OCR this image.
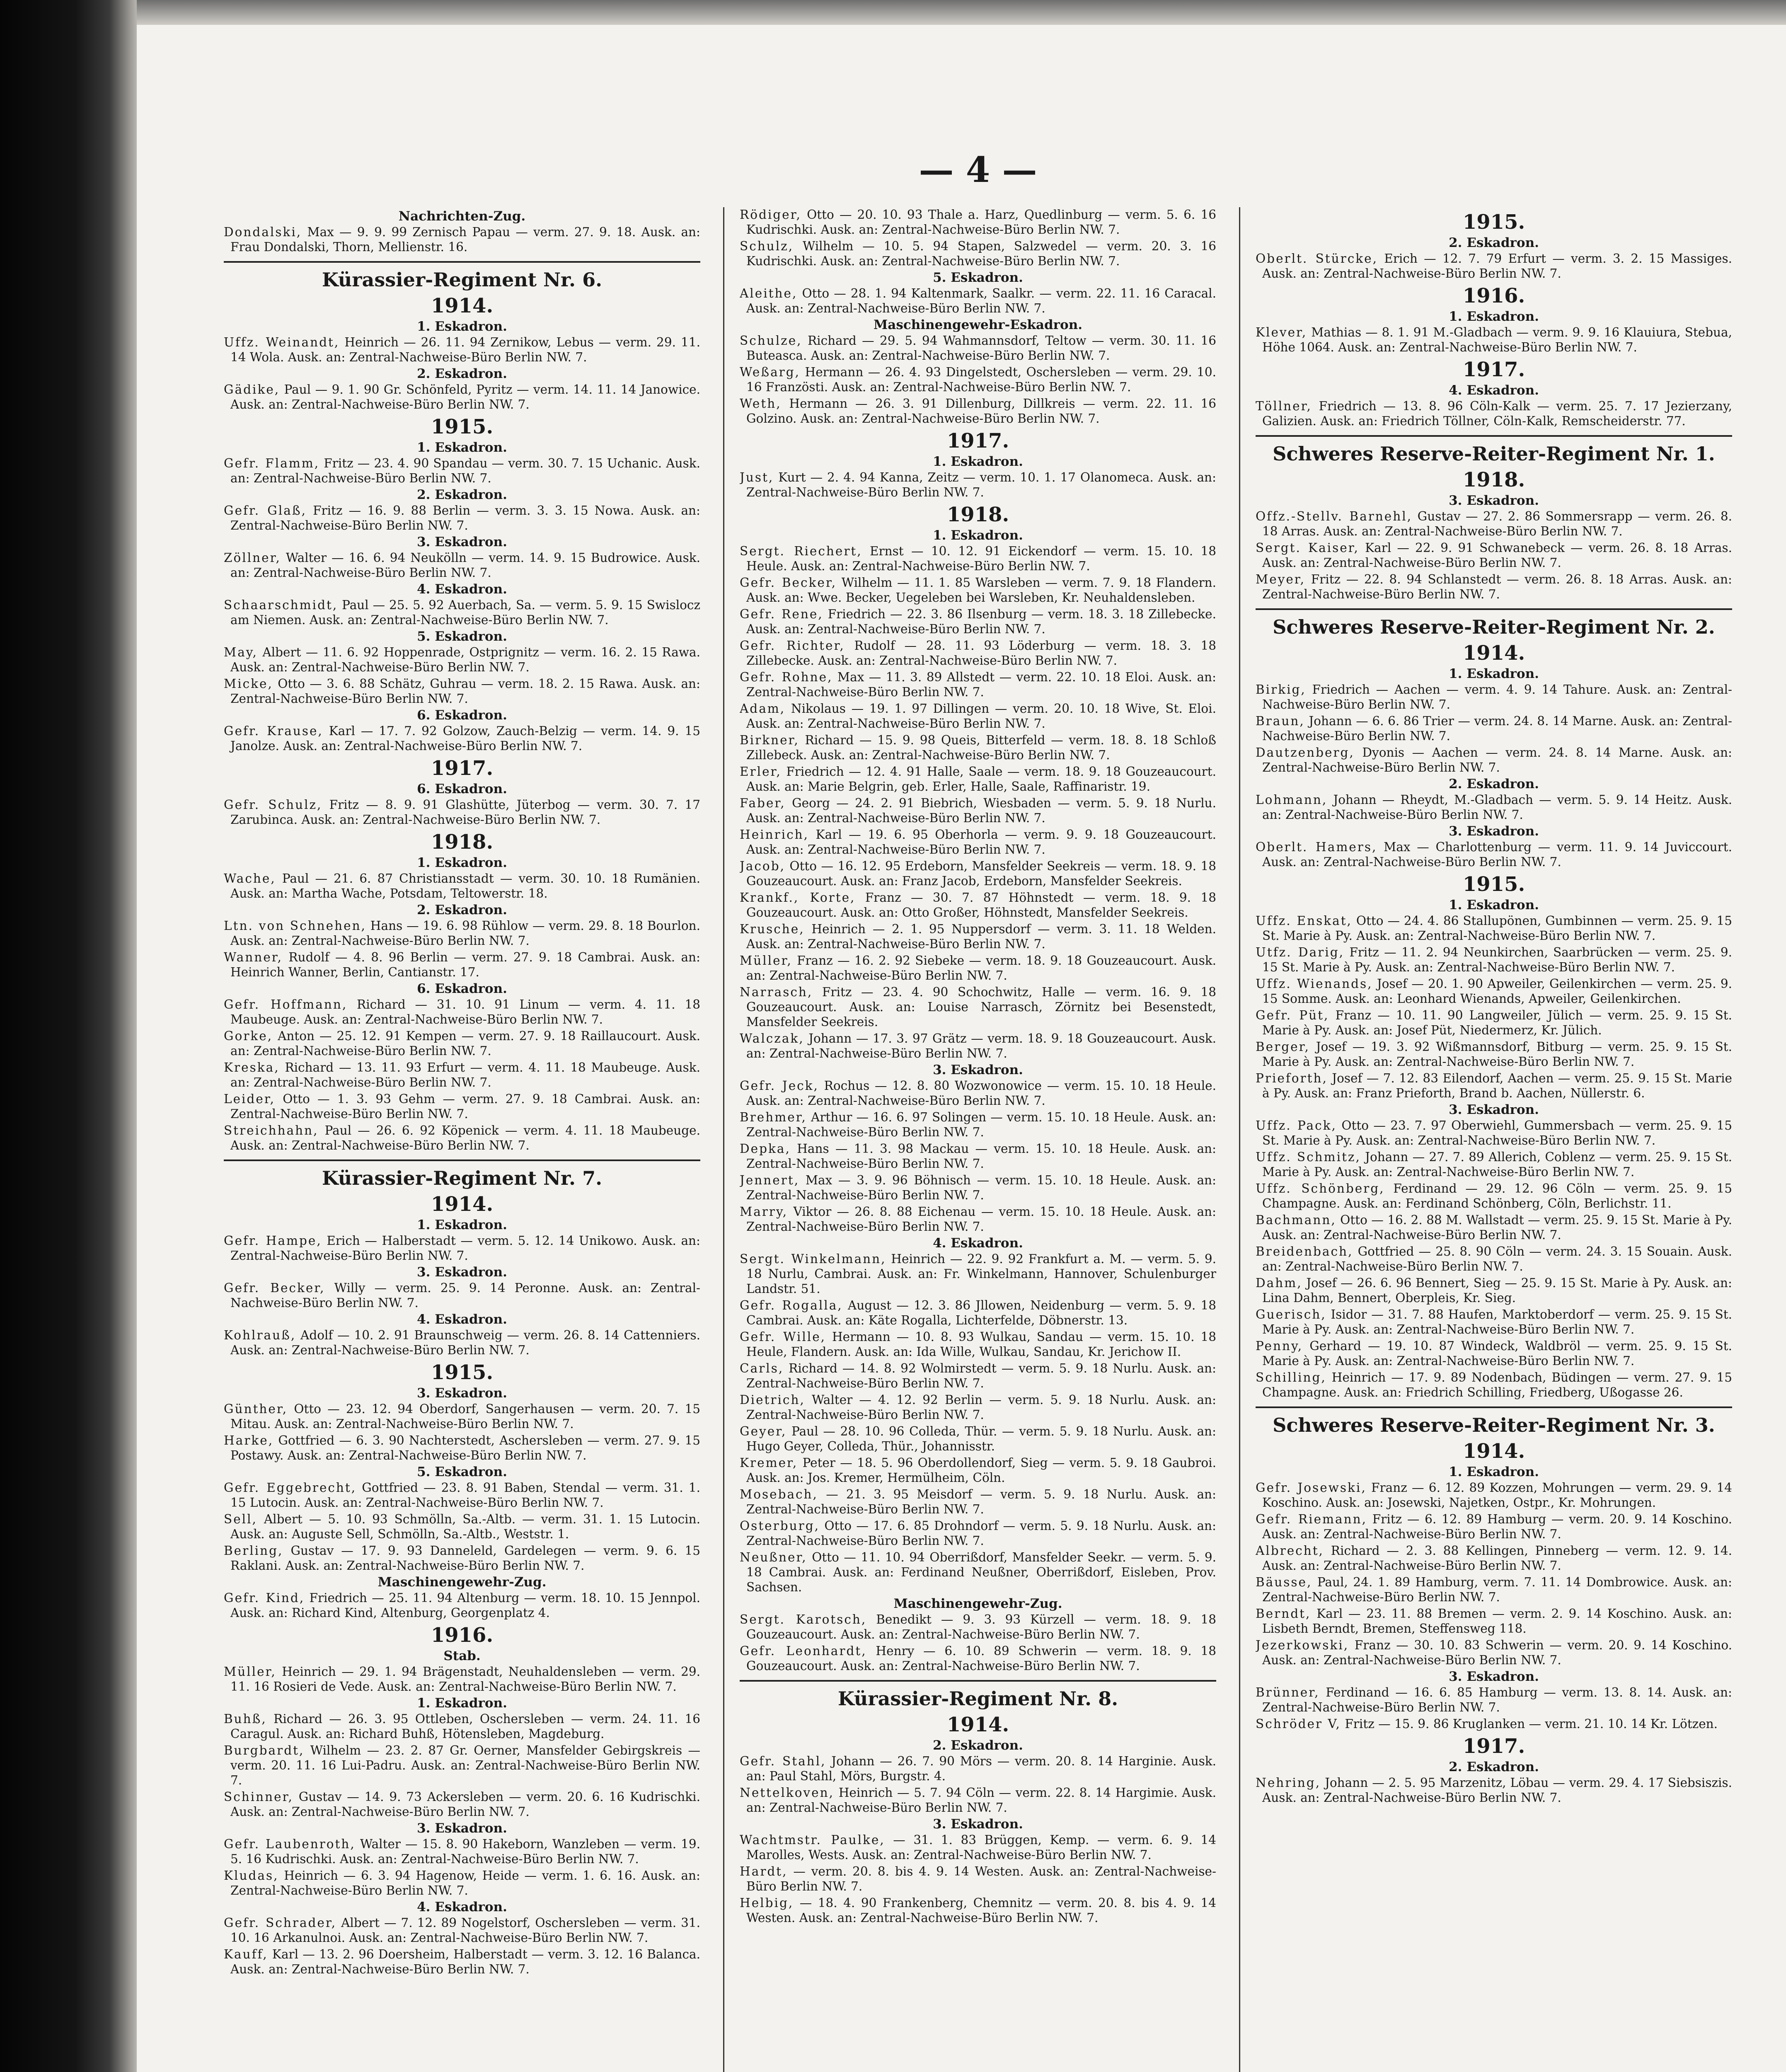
— 4 —
Nachrichten-Zug.
Dondalski, Max — 9. 9. 99 Zernisch Papau — verm. 27. 9. 18. Ausk. an: Frau Dondalski, Thorn, Mellienstr. 16.
Kürassier-Regiment Nr. 6.
1914.
1. Eskadron.
Uffz. Weinandt, Heinrich — 26. 11. 94 Zernikow, Lebus — verm. 29. 11. 14 Wola. Ausk. an: Zentral-Nachweise-Büro Berlin NW. 7.
2. Eskadron.
Gädike, Paul — 9. 1. 90 Gr. Schönfeld, Pyritz — verm. 14. 11. 14 Janowice. Ausk. an: Zentral-Nachweise-Büro Berlin NW. 7.
1915.
1. Eskadron.
Gefr. Flamm, Fritz — 23. 4. 90 Spandau — verm. 30. 7. 15 Uchanic. Ausk. an: Zentral-Nachweise-Büro Berlin NW. 7.
2. Eskadron.
Gefr. Glaß, Fritz — 16. 9. 88 Berlin — verm. 3. 3. 15 Nowa. Ausk. an: Zentral-Nachweise-Büro Berlin NW. 7.
3. Eskadron.
Zöllner, Walter — 16. 6. 94 Neukölln — verm. 14. 9. 15 Budrowice. Ausk. an: Zentral-Nachweise-Büro Berlin NW. 7.
4. Eskadron.
Schaarschmidt, Paul — 25. 5. 92 Auerbach, Sa. — verm. 5. 9. 15 Swislocz am Niemen. Ausk. an: Zentral-Nachweise-Büro Berlin NW. 7.
5. Eskadron.
May, Albert — 11. 6. 92 Hoppenrade, Ostprignitz — verm. 16. 2. 15 Rawa. Ausk. an: Zentral-Nachweise-Büro Berlin NW. 7.
Micke, Otto — 3. 6. 88 Schätz, Guhrau — verm. 18. 2. 15 Rawa. Ausk. an: Zentral-Nachweise-Büro Berlin NW. 7.
6. Eskadron.
Gefr. Krause, Karl — 17. 7. 92 Golzow, Zauch-Belzig — verm. 14. 9. 15 Janolze. Ausk. an: Zentral-Nachweise-Büro Berlin NW. 7.
1917.
6. Eskadron.
Gefr. Schulz, Fritz — 8. 9. 91 Glashütte, Jüterbog — verm. 30. 7. 17 Zarubinca. Ausk. an: Zentral-Nachweise-Büro Berlin NW. 7.
1918.
1. Eskadron.
Wache, Paul — 21. 6. 87 Christiansstadt — verm. 30. 10. 18 Rumänien. Ausk. an: Martha Wache, Potsdam, Teltowerstr. 18.
2. Eskadron.
Ltn. von Schnehen, Hans — 19. 6. 98 Rühlow — verm. 29. 8. 18 Bourlon. Ausk. an: Zentral-Nachweise-Büro Berlin NW. 7.
Wanner, Rudolf — 4. 8. 96 Berlin — verm. 27. 9. 18 Cambrai. Ausk. an: Heinrich Wanner, Berlin, Cantianstr. 17.
6. Eskadron.
Gefr. Hoffmann, Richard — 31. 10. 91 Linum — verm. 4. 11. 18 Maubeuge. Ausk. an: Zentral-Nachweise-Büro Berlin NW. 7.
Gorke, Anton — 25. 12. 91 Kempen — verm. 27. 9. 18 Raillaucourt. Ausk. an: Zentral-Nachweise-Büro Berlin NW. 7.
Kreska, Richard — 13. 11. 93 Erfurt — verm. 4. 11. 18 Maubeuge. Ausk. an: Zentral-Nachweise-Büro Berlin NW. 7.
Leider, Otto — 1. 3. 93 Gehm — verm. 27. 9. 18 Cambrai. Ausk. an: Zentral-Nachweise-Büro Berlin NW. 7.
Streichhahn, Paul — 26. 6. 92 Köpenick — verm. 4. 11. 18 Maubeuge. Ausk. an: Zentral-Nachweise-Büro Berlin NW. 7.
Kürassier-Regiment Nr. 7.
1914.
1. Eskadron.
Gefr. Hampe, Erich — Halberstadt — verm. 5. 12. 14 Unikowo. Ausk. an: Zentral-Nachweise-Büro Berlin NW. 7.
3. Eskadron.
Gefr. Becker, Willy — verm. 25. 9. 14 Peronne. Ausk. an: Zentral-Nachweise-Büro Berlin NW. 7.
4. Eskadron.
Kohlrauß, Adolf — 10. 2. 91 Braunschweig — verm. 26. 8. 14 Cattenniers. Ausk. an: Zentral-Nachweise-Büro Berlin NW. 7.
1915.
3. Eskadron.
Günther, Otto — 23. 12. 94 Oberdorf, Sangerhausen — verm. 20. 7. 15 Mitau. Ausk. an: Zentral-Nachweise-Büro Berlin NW. 7.
Harke, Gottfried — 6. 3. 90 Nachterstedt, Aschersleben — verm. 27. 9. 15 Postawy. Ausk. an: Zentral-Nachweise-Büro Berlin NW. 7.
5. Eskadron.
Gefr. Eggebrecht, Gottfried — 23. 8. 91 Baben, Stendal — verm. 31. 1. 15 Lutocin. Ausk. an: Zentral-Nachweise-Büro Berlin NW. 7.
Sell, Albert — 5. 10. 93 Schmölln, Sa.-Altb. — verm. 31. 1. 15 Lutocin. Ausk. an: Auguste Sell, Schmölln, Sa.-Altb., Weststr. 1.
Berling, Gustav — 17. 9. 93 Danneleld, Gardelegen — verm. 9. 6. 15 Raklani. Ausk. an: Zentral-Nachweise-Büro Berlin NW. 7.
Maschinengewehr-Zug.
Gefr. Kind, Friedrich — 25. 11. 94 Altenburg — verm. 18. 10. 15 Jennpol. Ausk. an: Richard Kind, Altenburg, Georgenplatz 4.
1916.
Stab.
Müller, Heinrich — 29. 1. 94 Brägenstadt, Neuhaldensleben — verm. 29. 11. 16 Rosieri de Vede. Ausk. an: Zentral-Nachweise-Büro Berlin NW. 7.
1. Eskadron.
Buhß, Richard — 26. 3. 95 Ottleben, Oschersleben — verm. 24. 11. 16 Caragul. Ausk. an: Richard Buhß, Hötensleben, Magdeburg.
Burgbardt, Wilhelm — 23. 2. 87 Gr. Oerner, Mansfelder Gebirgskreis — verm. 20. 11. 16 Lui-Padru. Ausk. an: Zentral-Nachweise-Büro Berlin NW. 7.
Schinner, Gustav — 14. 9. 73 Ackersleben — verm. 20. 6. 16 Kudrischki. Ausk. an: Zentral-Nachweise-Büro Berlin NW. 7.
3. Eskadron.
Gefr. Laubenroth, Walter — 15. 8. 90 Hakeborn, Wanzleben — verm. 19. 5. 16 Kudrischki. Ausk. an: Zentral-Nachweise-Büro Berlin NW. 7.
Kludas, Heinrich — 6. 3. 94 Hagenow, Heide — verm. 1. 6. 16. Ausk. an: Zentral-Nachweise-Büro Berlin NW. 7.
4. Eskadron.
Gefr. Schrader, Albert — 7. 12. 89 Nogelstorf, Oschersleben — verm. 31. 10. 16 Arkanulnoi. Ausk. an: Zentral-Nachweise-Büro Berlin NW. 7.
Kauff, Karl — 13. 2. 96 Doersheim, Halberstadt — verm. 3. 12. 16 Balanca. Ausk. an: Zentral-Nachweise-Büro Berlin NW. 7.
Rödiger, Otto — 20. 10. 93 Thale a. Harz, Quedlinburg — verm. 5. 6. 16 Kudrischki. Ausk. an: Zentral-Nachweise-Büro Berlin NW. 7.
Schulz, Wilhelm — 10. 5. 94 Stapen, Salzwedel — verm. 20. 3. 16 Kudrischki. Ausk. an: Zentral-Nachweise-Büro Berlin NW. 7.
5. Eskadron.
Aleithe, Otto — 28. 1. 94 Kaltenmark, Saalkr. — verm. 22. 11. 16 Caracal. Ausk. an: Zentral-Nachweise-Büro Berlin NW. 7.
Maschinengewehr-Eskadron.
Schulze, Richard — 29. 5. 94 Wahmannsdorf, Teltow — verm. 30. 11. 16 Buteasca. Ausk. an: Zentral-Nachweise-Büro Berlin NW. 7.
Weßarg, Hermann — 26. 4. 93 Dingelstedt, Oschersleben — verm. 29. 10. 16 Französti. Ausk. an: Zentral-Nachweise-Büro Berlin NW. 7.
Weth, Hermann — 26. 3. 91 Dillenburg, Dillkreis — verm. 22. 11. 16 Golzino. Ausk. an: Zentral-Nachweise-Büro Berlin NW. 7.
1917.
1. Eskadron.
Just, Kurt — 2. 4. 94 Kanna, Zeitz — verm. 10. 1. 17 Olanomeca. Ausk. an: Zentral-Nachweise-Büro Berlin NW. 7.
1918.
1. Eskadron.
Sergt. Riechert, Ernst — 10. 12. 91 Eickendorf — verm. 15. 10. 18 Heule. Ausk. an: Zentral-Nachweise-Büro Berlin NW. 7.
Gefr. Becker, Wilhelm — 11. 1. 85 Warsleben — verm. 7. 9. 18 Flandern. Ausk. an: Wwe. Becker, Uegeleben bei Warsleben, Kr. Neuhaldensleben.
Gefr. Rene, Friedrich — 22. 3. 86 Ilsenburg — verm. 18. 3. 18 Zillebecke. Ausk. an: Zentral-Nachweise-Büro Berlin NW. 7.
Gefr. Richter, Rudolf — 28. 11. 93 Löderburg — verm. 18. 3. 18 Zillebecke. Ausk. an: Zentral-Nachweise-Büro Berlin NW. 7.
Gefr. Rohne, Max — 11. 3. 89 Allstedt — verm. 22. 10. 18 Eloi. Ausk. an: Zentral-Nachweise-Büro Berlin NW. 7.
Adam, Nikolaus — 19. 1. 97 Dillingen — verm. 20. 10. 18 Wive, St. Eloi. Ausk. an: Zentral-Nachweise-Büro Berlin NW. 7.
Birkner, Richard — 15. 9. 98 Queis, Bitterfeld — verm. 18. 8. 18 Schloß Zillebeck. Ausk. an: Zentral-Nachweise-Büro Berlin NW. 7.
Erler, Friedrich — 12. 4. 91 Halle, Saale — verm. 18. 9. 18 Gouzeaucourt. Ausk. an: Marie Belgrin, geb. Erler, Halle, Saale, Raffinaristr. 19.
Faber, Georg — 24. 2. 91 Biebrich, Wiesbaden — verm. 5. 9. 18 Nurlu. Ausk. an: Zentral-Nachweise-Büro Berlin NW. 7.
Heinrich, Karl — 19. 6. 95 Oberhorla — verm. 9. 9. 18 Gouzeaucourt. Ausk. an: Zentral-Nachweise-Büro Berlin NW. 7.
Jacob, Otto — 16. 12. 95 Erdeborn, Mansfelder Seekreis — verm. 18. 9. 18 Gouzeaucourt. Ausk. an: Franz Jacob, Erdeborn, Mansfelder Seekreis.
Krankf., Korte, Franz — 30. 7. 87 Höhnstedt — verm. 18. 9. 18 Gouzeaucourt. Ausk. an: Otto Großer, Höhnstedt, Mansfelder Seekreis.
Krusche, Heinrich — 2. 1. 95 Nuppersdorf — verm. 3. 11. 18 Welden. Ausk. an: Zentral-Nachweise-Büro Berlin NW. 7.
Müller, Franz — 16. 2. 92 Siebeke — verm. 18. 9. 18 Gouzeaucourt. Ausk. an: Zentral-Nachweise-Büro Berlin NW. 7.
Narrasch, Fritz — 23. 4. 90 Schochwitz, Halle — verm. 16. 9. 18 Gouzeaucourt. Ausk. an: Louise Narrasch, Zörnitz bei Besenstedt, Mansfelder Seekreis.
Walczak, Johann — 17. 3. 97 Grätz — verm. 18. 9. 18 Gouzeaucourt. Ausk. an: Zentral-Nachweise-Büro Berlin NW. 7.
3. Eskadron.
Gefr. Jeck, Rochus — 12. 8. 80 Wozwonowice — verm. 15. 10. 18 Heule. Ausk. an: Zentral-Nachweise-Büro Berlin NW. 7.
Brehmer, Arthur — 16. 6. 97 Solingen — verm. 15. 10. 18 Heule. Ausk. an: Zentral-Nachweise-Büro Berlin NW. 7.
Depka, Hans — 11. 3. 98 Mackau — verm. 15. 10. 18 Heule. Ausk. an: Zentral-Nachweise-Büro Berlin NW. 7.
Jennert, Max — 3. 9. 96 Böhnisch — verm. 15. 10. 18 Heule. Ausk. an: Zentral-Nachweise-Büro Berlin NW. 7.
Marry, Viktor — 26. 8. 88 Eichenau — verm. 15. 10. 18 Heule. Ausk. an: Zentral-Nachweise-Büro Berlin NW. 7.
4. Eskadron.
Sergt. Winkelmann, Heinrich — 22. 9. 92 Frankfurt a. M. — verm. 5. 9. 18 Nurlu, Cambrai. Ausk. an: Fr. Winkelmann, Hannover, Schulenburger Landstr. 51.
Gefr. Rogalla, August — 12. 3. 86 Jllowen, Neidenburg — verm. 5. 9. 18 Cambrai. Ausk. an: Käte Rogalla, Lichterfelde, Döbnerstr. 13.
Gefr. Wille, Hermann — 10. 8. 93 Wulkau, Sandau — verm. 15. 10. 18 Heule, Flandern. Ausk. an: Ida Wille, Wulkau, Sandau, Kr. Jerichow II.
Carls, Richard — 14. 8. 92 Wolmirstedt — verm. 5. 9. 18 Nurlu. Ausk. an: Zentral-Nachweise-Büro Berlin NW. 7.
Dietrich, Walter — 4. 12. 92 Berlin — verm. 5. 9. 18 Nurlu. Ausk. an: Zentral-Nachweise-Büro Berlin NW. 7.
Geyer, Paul — 28. 10. 96 Colleda, Thür. — verm. 5. 9. 18 Nurlu. Ausk. an: Hugo Geyer, Colleda, Thür., Johannisstr.
Kremer, Peter — 18. 5. 96 Oberdollendorf, Sieg — verm. 5. 9. 18 Gaubroi. Ausk. an: Jos. Kremer, Hermülheim, Cöln.
Mosebach, — 21. 3. 95 Meisdorf — verm. 5. 9. 18 Nurlu. Ausk. an: Zentral-Nachweise-Büro Berlin NW. 7.
Osterburg, Otto — 17. 6. 85 Drohndorf — verm. 5. 9. 18 Nurlu. Ausk. an: Zentral-Nachweise-Büro Berlin NW. 7.
Neußner, Otto — 11. 10. 94 Oberrißdorf, Mansfelder Seekr. — verm. 5. 9. 18 Cambrai. Ausk. an: Ferdinand Neußner, Oberrißdorf, Eisleben, Prov. Sachsen.
Maschinengewehr-Zug.
Sergt. Karotsch, Benedikt — 9. 3. 93 Kürzell — verm. 18. 9. 18 Gouzeaucourt. Ausk. an: Zentral-Nachweise-Büro Berlin NW. 7.
Gefr. Leonhardt, Henry — 6. 10. 89 Schwerin — verm. 18. 9. 18 Gouzeaucourt. Ausk. an: Zentral-Nachweise-Büro Berlin NW. 7.
Kürassier-Regiment Nr. 8.
1914.
2. Eskadron.
Gefr. Stahl, Johann — 26. 7. 90 Mörs — verm. 20. 8. 14 Harginie. Ausk. an: Paul Stahl, Mörs, Burgstr. 4.
Nettelkoven, Heinrich — 5. 7. 94 Cöln — verm. 22. 8. 14 Hargimie. Ausk. an: Zentral-Nachweise-Büro Berlin NW. 7.
3. Eskadron.
Wachtmstr. Paulke, — 31. 1. 83 Brüggen, Kemp. — verm. 6. 9. 14 Marolles, Wests. Ausk. an: Zentral-Nachweise-Büro Berlin NW. 7.
Hardt, — verm. 20. 8. bis 4. 9. 14 Westen. Ausk. an: Zentral-Nachweise-Büro Berlin NW. 7.
Helbig, — 18. 4. 90 Frankenberg, Chemnitz — verm. 20. 8. bis 4. 9. 14 Westen. Ausk. an: Zentral-Nachweise-Büro Berlin NW. 7.
1915.
2. Eskadron.
Oberlt. Stürcke, Erich — 12. 7. 79 Erfurt — verm. 3. 2. 15 Massiges. Ausk. an: Zentral-Nachweise-Büro Berlin NW. 7.
1916.
1. Eskadron.
Klever, Mathias — 8. 1. 91 M.-Gladbach — verm. 9. 9. 16 Klauiura, Stebua, Höhe 1064. Ausk. an: Zentral-Nachweise-Büro Berlin NW. 7.
1917.
4. Eskadron.
Töllner, Friedrich — 13. 8. 96 Cöln-Kalk — verm. 25. 7. 17 Jezierzany, Galizien. Ausk. an: Friedrich Töllner, Cöln-Kalk, Remscheiderstr. 77.
Schweres Reserve-Reiter-Regiment Nr. 1.
1918.
3. Eskadron.
Offz.-Stellv. Barnehl, Gustav — 27. 2. 86 Sommersrapp — verm. 26. 8. 18 Arras. Ausk. an: Zentral-Nachweise-Büro Berlin NW. 7.
Sergt. Kaiser, Karl — 22. 9. 91 Schwanebeck — verm. 26. 8. 18 Arras. Ausk. an: Zentral-Nachweise-Büro Berlin NW. 7.
Meyer, Fritz — 22. 8. 94 Schlanstedt — verm. 26. 8. 18 Arras. Ausk. an: Zentral-Nachweise-Büro Berlin NW. 7.
Schweres Reserve-Reiter-Regiment Nr. 2.
1914.
1. Eskadron.
Birkig, Friedrich — Aachen — verm. 4. 9. 14 Tahure. Ausk. an: Zentral-Nachweise-Büro Berlin NW. 7.
Braun, Johann — 6. 6. 86 Trier — verm. 24. 8. 14 Marne. Ausk. an: Zentral-Nachweise-Büro Berlin NW. 7.
Dautzenberg, Dyonis — Aachen — verm. 24. 8. 14 Marne. Ausk. an: Zentral-Nachweise-Büro Berlin NW. 7.
2. Eskadron.
Lohmann, Johann — Rheydt, M.-Gladbach — verm. 5. 9. 14 Heitz. Ausk. an: Zentral-Nachweise-Büro Berlin NW. 7.
3. Eskadron.
Oberlt. Hamers, Max — Charlottenburg — verm. 11. 9. 14 Juviccourt. Ausk. an: Zentral-Nachweise-Büro Berlin NW. 7.
1915.
1. Eskadron.
Uffz. Enskat, Otto — 24. 4. 86 Stallupönen, Gumbinnen — verm. 25. 9. 15 St. Marie à Py. Ausk. an: Zentral-Nachweise-Büro Berlin NW. 7.
Utfz. Darig, Fritz — 11. 2. 94 Neunkirchen, Saarbrücken — verm. 25. 9. 15 St. Marie à Py. Ausk. an: Zentral-Nachweise-Büro Berlin NW. 7.
Uffz. Wienands, Josef — 20. 1. 90 Apweiler, Geilenkirchen — verm. 25. 9. 15 Somme. Ausk. an: Leonhard Wienands, Apweiler, Geilenkirchen.
Gefr. Püt, Franz — 10. 11. 90 Langweiler, Jülich — verm. 25. 9. 15 St. Marie à Py. Ausk. an: Josef Püt, Niedermerz, Kr. Jülich.
Berger, Josef — 19. 3. 92 Wißmannsdorf, Bitburg — verm. 25. 9. 15 St. Marie à Py. Ausk. an: Zentral-Nachweise-Büro Berlin NW. 7.
Prieforth, Josef — 7. 12. 83 Eilendorf, Aachen — verm. 25. 9. 15 St. Marie à Py. Ausk. an: Franz Prieforth, Brand b. Aachen, Nüllerstr. 6.
3. Eskadron.
Uffz. Pack, Otto — 23. 7. 97 Oberwiehl, Gummersbach — verm. 25. 9. 15 St. Marie à Py. Ausk. an: Zentral-Nachweise-Büro Berlin NW. 7.
Uffz. Schmitz, Johann — 27. 7. 89 Allerich, Coblenz — verm. 25. 9. 15 St. Marie à Py. Ausk. an: Zentral-Nachweise-Büro Berlin NW. 7.
Uffz. Schönberg, Ferdinand — 29. 12. 96 Cöln — verm. 25. 9. 15 Champagne. Ausk. an: Ferdinand Schönberg, Cöln, Berlichstr. 11.
Bachmann, Otto — 16. 2. 88 M. Wallstadt — verm. 25. 9. 15 St. Marie à Py. Ausk. an: Zentral-Nachweise-Büro Berlin NW. 7.
Breidenbach, Gottfried — 25. 8. 90 Cöln — verm. 24. 3. 15 Souain. Ausk. an: Zentral-Nachweise-Büro Berlin NW. 7.
Dahm, Josef — 26. 6. 96 Bennert, Sieg — 25. 9. 15 St. Marie à Py. Ausk. an: Lina Dahm, Bennert, Oberpleis, Kr. Sieg.
Guerisch, Isidor — 31. 7. 88 Haufen, Marktoberdorf — verm. 25. 9. 15 St. Marie à Py. Ausk. an: Zentral-Nachweise-Büro Berlin NW. 7.
Penny, Gerhard — 19. 10. 87 Windeck, Waldbröl — verm. 25. 9. 15 St. Marie à Py. Ausk. an: Zentral-Nachweise-Büro Berlin NW. 7.
Schilling, Heinrich — 17. 9. 89 Nodenbach, Büdingen — verm. 27. 9. 15 Champagne. Ausk. an: Friedrich Schilling, Friedberg, Ußogasse 26.
Schweres Reserve-Reiter-Regiment Nr. 3.
1914.
1. Eskadron.
Gefr. Josewski, Franz — 6. 12. 89 Kozzen, Mohrungen — verm. 29. 9. 14 Koschino. Ausk. an: Josewski, Najetken, Ostpr., Kr. Mohrungen.
Gefr. Riemann, Fritz — 6. 12. 89 Hamburg — verm. 20. 9. 14 Koschino. Ausk. an: Zentral-Nachweise-Büro Berlin NW. 7.
Albrecht, Richard — 2. 3. 88 Kellingen, Pinneberg — verm. 12. 9. 14. Ausk. an: Zentral-Nachweise-Büro Berlin NW. 7.
Bäusse, Paul, 24. 1. 89 Hamburg, verm. 7. 11. 14 Dombrowice. Ausk. an: Zentral-Nachweise-Büro Berlin NW. 7.
Berndt, Karl — 23. 11. 88 Bremen — verm. 2. 9. 14 Koschino. Ausk. an: Lisbeth Berndt, Bremen, Steffensweg 118.
Jezerkowski, Franz — 30. 10. 83 Schwerin — verm. 20. 9. 14 Koschino. Ausk. an: Zentral-Nachweise-Büro Berlin NW. 7.
3. Eskadron.
Brünner, Ferdinand — 16. 6. 85 Hamburg — verm. 13. 8. 14. Ausk. an: Zentral-Nachweise-Büro Berlin NW. 7.
Schröder V, Fritz — 15. 9. 86 Kruglanken — verm. 21. 10. 14 Kr. Lötzen.
1917.
2. Eskadron.
Nehring, Johann — 2. 5. 95 Marzenitz, Löbau — verm. 29. 4. 17 Siebsiszis. Ausk. an: Zentral-Nachweise-Büro Berlin NW. 7.
